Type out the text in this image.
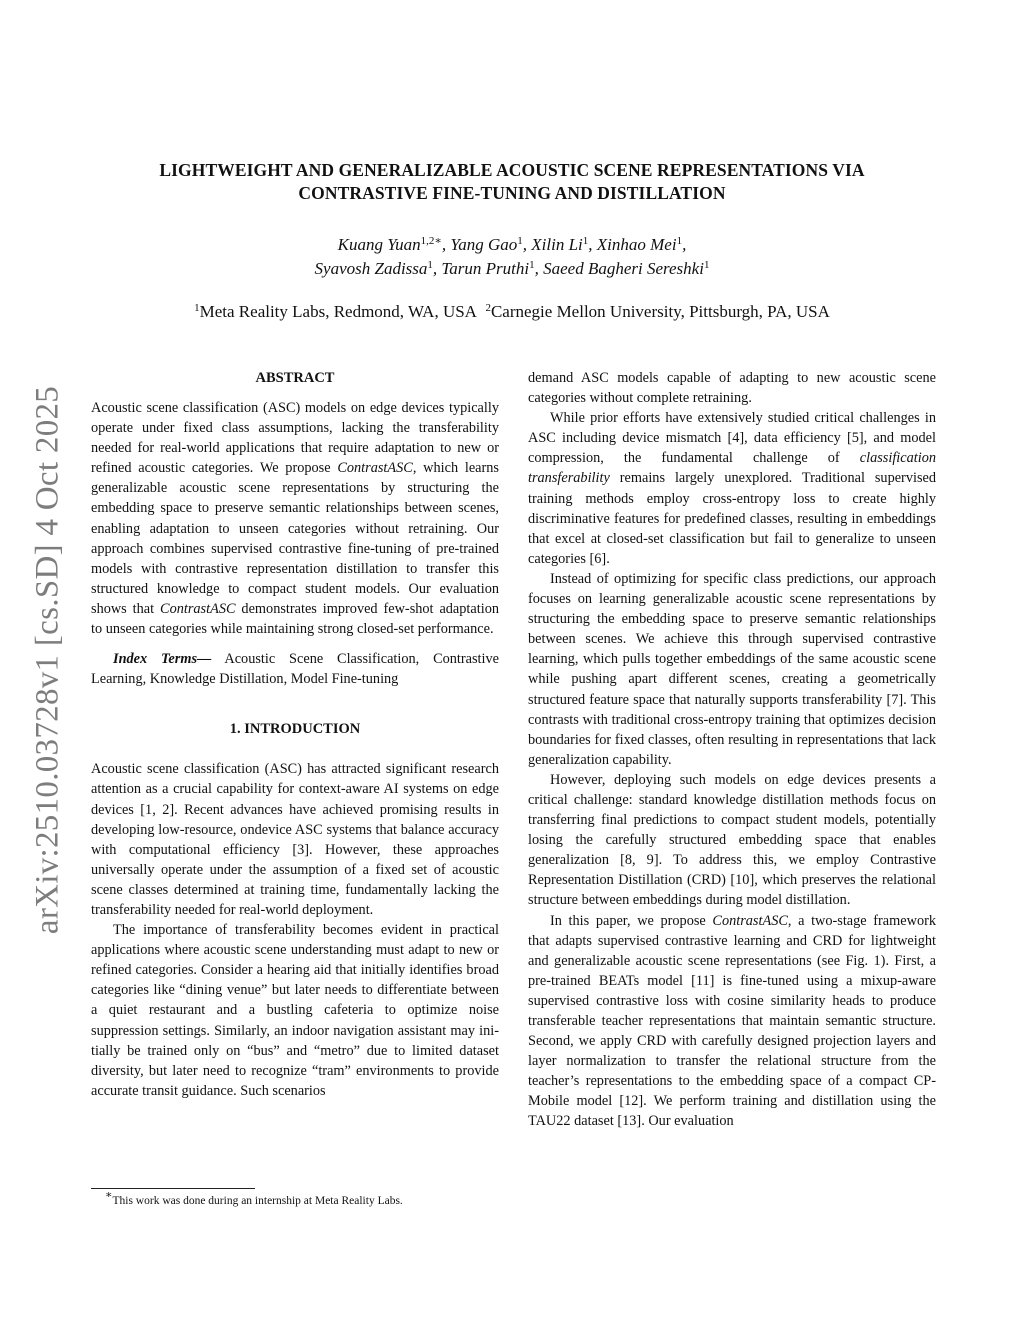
arXiv:2510.03728v1 [cs.SD] 4 Oct 2025
LIGHTWEIGHT AND GENERALIZABLE ACOUSTIC SCENE REPRESENTATIONS VIA
CONTRASTIVE FINE-TUNING AND DISTILLATION
Kuang Yuan$^{1,2∗}$, Yang Gao$^1$, Xilin Li$^1$, Xinhao Mei$^1$,
Syavosh Zadissa$^1$, Tarun Pruthi$^1$, Saeed Bagheri Sereshki$^1$
$^1$Meta Reality Labs, Redmond, WA, USA $^2$Carnegie Mellon University, Pittsburgh, PA, USA
ABSTRACT

Acoustic scene classification (ASC) models on edge devices typically operate under fixed class assumptions, lacking the transferability needed for real-world applications that require adaptation to new or refined acoustic categories. We propose ContrastASC, which learns generalizable acoustic scene representations by structuring the embedding space to preserve semantic relationships between scenes, enabling adaptation to unseen categories without retraining. Our approach combines supervised contrastive fine-tuning of pre-trained models with contrastive representation distillation to transfer this structured knowledge to compact student models. Our evaluation shows that ContrastASC demonstrates improved few-shot adaptation to unseen categories while maintaining strong closed-set performance.

Index Terms— Acoustic Scene Classification, Contrastive Learning, Knowledge Distillation, Model Fine-tuning

1. INTRODUCTION

Acoustic scene classification (ASC) has attracted significant research attention as a crucial capability for context-aware AI systems on edge devices [1, 2]. Recent advances have achieved promising results in developing low-resource, ondevice ASC systems that balance accuracy with computational efficiency [3]. However, these approaches universally operate under the assumption of a fixed set of acoustic scene classes determined at training time, fundamentally lacking the transferability needed for real-world deployment.

The importance of transferability becomes evident in practical applications where acoustic scene understanding must adapt to new or refined categories. Consider a hearing aid that initially identifies broad categories like “dining venue” but later needs to differentiate between a quiet restaurant and a bustling cafeteria to optimize noise suppression settings. Similarly, an indoor navigation assistant may initially be trained only on “bus” and “metro” due to limited dataset diversity, but later need to recognize “tram” environments to provide accurate transit guidance. Such scenarios

demand ASC models capable of adapting to new acoustic scene categories without complete retraining.

While prior efforts have extensively studied critical challenges in ASC including device mismatch [4], data efficiency [5], and model compression, the fundamental challenge of classification transferability remains largely unexplored. Traditional supervised training methods employ cross-entropy loss to create highly discriminative features for predefined classes, resulting in embeddings that excel at closed-set classification but fail to generalize to unseen categories [6].

Instead of optimizing for specific class predictions, our approach focuses on learning generalizable acoustic scene representations by structuring the embedding space to preserve semantic relationships between scenes. We achieve this through supervised contrastive learning, which pulls together embeddings of the same acoustic scene while pushing apart different scenes, creating a geometrically structured feature space that naturally supports transferability [7]. This contrasts with traditional cross-entropy training that optimizes decision boundaries for fixed classes, often resulting in representations that lack generalization capability.

However, deploying such models on edge devices presents a critical challenge: standard knowledge distillation methods focus on transferring final predictions to compact student models, potentially losing the carefully structured embedding space that enables generalization [8, 9]. To address this, we employ Contrastive Representation Distillation (CRD) [10], which preserves the relational structure between embeddings during model distillation.

In this paper, we propose ContrastASC, a two-stage framework that adapts supervised contrastive learning and CRD for lightweight and generalizable acoustic scene representations (see Fig. 1). First, a pre-trained BEATs model [11] is fine-tuned using a mixup-aware supervised contrastive loss with cosine similarity heads to produce transferable teacher representations that maintain semantic structure. Second, we apply CRD with carefully designed projection layers and layer normalization to transfer the relational structure from the teacher’s representations to the embedding space of a compact CP-Mobile model [12]. We perform training and distillation using the TAU22 dataset [13]. Our evaluation

∗This work was done during an internship at Meta Reality Labs.
